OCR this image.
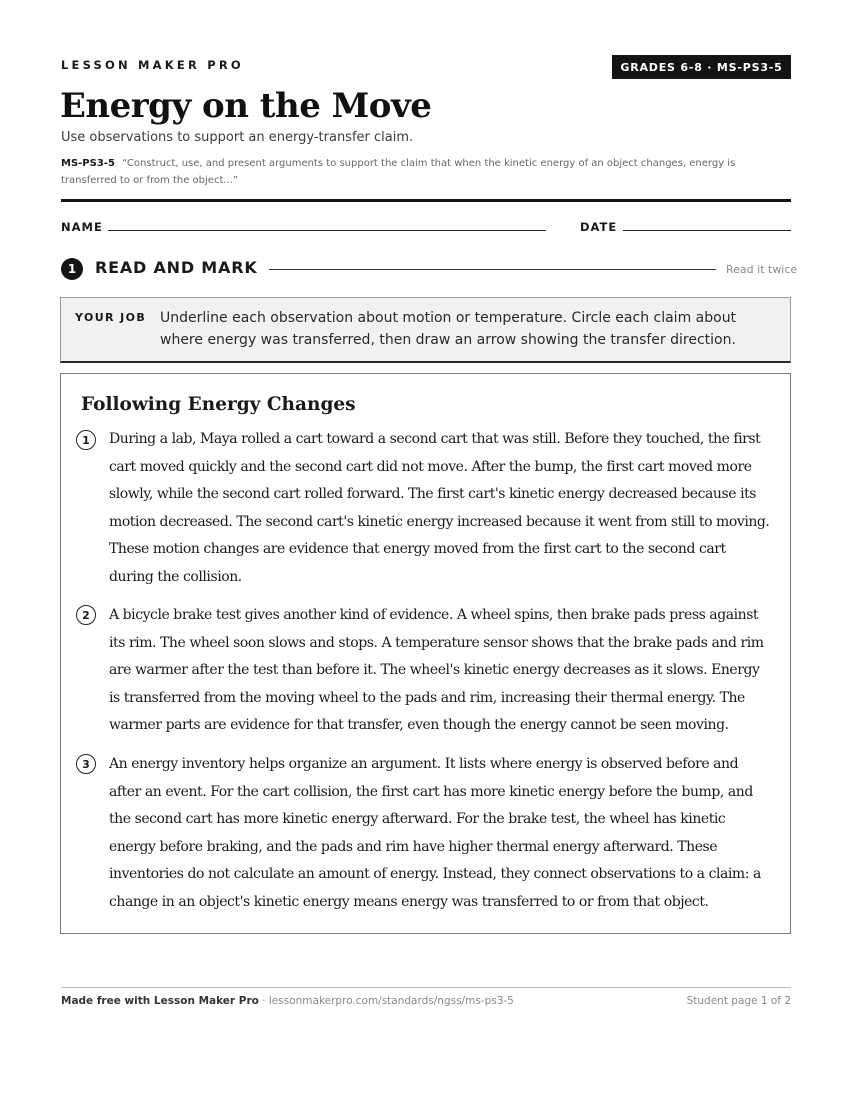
LESSON MAKER PRO	GRADES 6-8 · MS-PS3-5
Energy on the Move
Use observations to support an energy-transfer claim.
MS-PS3-5 “Construct, use, and present arguments to support the claim that when the kinetic energy of an object changes, energy is transferred to or from the object...”
NAME	DATE
1	READ AND MARK	Read it twice
YOUR JOB Underline each observation about motion or temperature. Circle each claim about where energy was transferred, then draw an arrow showing the transfer direction.
Following Energy Changes
1	During a lab, Maya rolled a cart toward a second cart that was still. Before they touched, the first cart moved quickly and the second cart did not move. After the bump, the first cart moved more slowly, while the second cart rolled forward. The first cart's kinetic energy decreased because its motion decreased. The second cart's kinetic energy increased because it went from still to moving. These motion changes are evidence that energy moved from the first cart to the second cart during the collision.

2	A bicycle brake test gives another kind of evidence. A wheel spins, then brake pads press against its rim. The wheel soon slows and stops. A temperature sensor shows that the brake pads and rim are warmer after the test than before it. The wheel's kinetic energy decreases as it slows. Energy is transferred from the moving wheel to the pads and rim, increasing their thermal energy. The warmer parts are evidence for that transfer, even though the energy cannot be seen moving.

3	An energy inventory helps organize an argument. It lists where energy is observed before and after an event. For the cart collision, the first cart has more kinetic energy before the bump, and the second cart has more kinetic energy afterward. For the brake test, the wheel has kinetic energy before braking, and the pads and rim have higher thermal energy afterward. These inventories do not calculate an amount of energy. Instead, they connect observations to a claim: a change in an object's kinetic energy means energy was transferred to or from that object.

Made free with Lesson Maker Pro · lessonmakerpro.com/standards/ngss/ms-ps3-5	Student page 1 of 2
